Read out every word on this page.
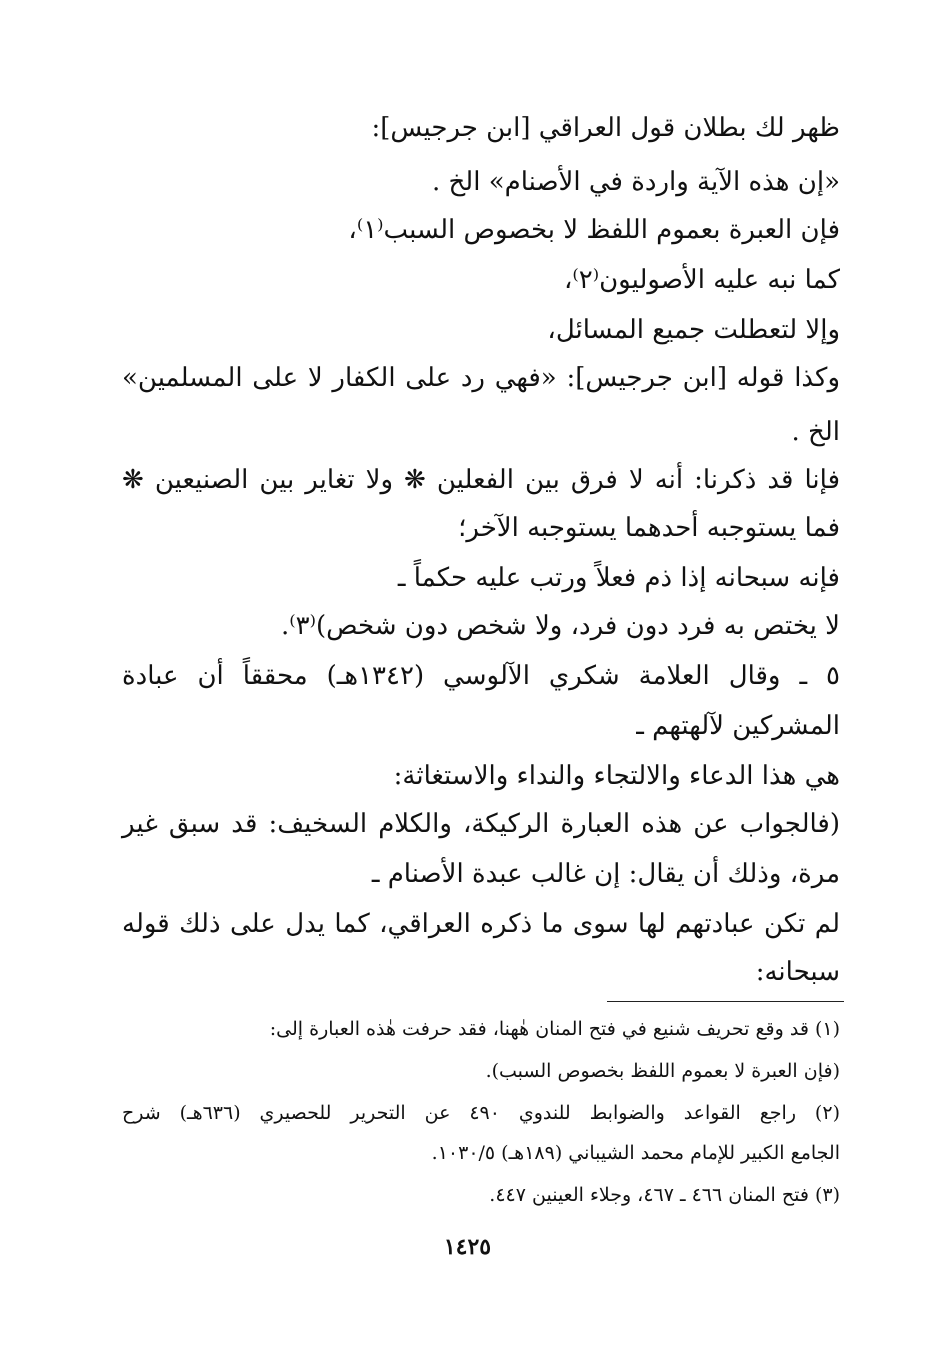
ظهر لك بطلان قول العراقي [ابن جرجيس]:
«إن هذه الآية واردة في الأصنام» الخ .
فإن العبرة بعموم اللفظ لا بخصوص السبب⁽١⁾،
كما نبه عليه الأصوليون⁽٢⁾،
وإلا لتعطلت جميع المسائل،
وكذا قوله [ابن جرجيس]: «فهي رد على الكفار لا على المسلمين»
الخ .
فإنا قد ذكرنا: أنه لا فرق بين الفعلين ❋ ولا تغاير بين الصنيعين ❋
فما يستوجبه أحدهما يستوجبه الآخر؛
فإنه سبحانه إذا ذم فعلاً ورتب عليه حكماً ـ
لا يختص به فرد دون فرد، ولا شخص دون شخص)⁽٣⁾.
٥ ـ وقال العلامة شكري الآلوسي (١٣٤٢هـ) محققاً أن عبادة
المشركين لآلهتهم ـ
هي هذا الدعاء والالتجاء والنداء والاستغاثة:
(فالجواب عن هذه العبارة الركيكة، والكلام السخيف: قد سبق غير
مرة، وذلك أن يقال: إن غالب عبدة الأصنام ـ
لم تكن عبادتهم لها سوى ما ذكره العراقي، كما يدل على ذلك قوله
سبحانه:
(١) قد وقع تحريف شنيع في فتح المنان هٰهنا، فقد حرفت هٰذه العبارة إلى:
(فإن العبرة لا بعموم اللفظ بخصوص السبب).
(٢) راجع القواعد والضوابط للندوي ٤٩٠ عن التحرير للحصيري (٦٣٦هـ) شرح
الجامع الكبير للإمام محمد الشيباني (١٨٩هـ) ١٠٣٠/٥.
(٣) فتح المنان ٤٦٦ ـ ٤٦٧، وجلاء العينين ٤٤٧.
١٤٢٥
